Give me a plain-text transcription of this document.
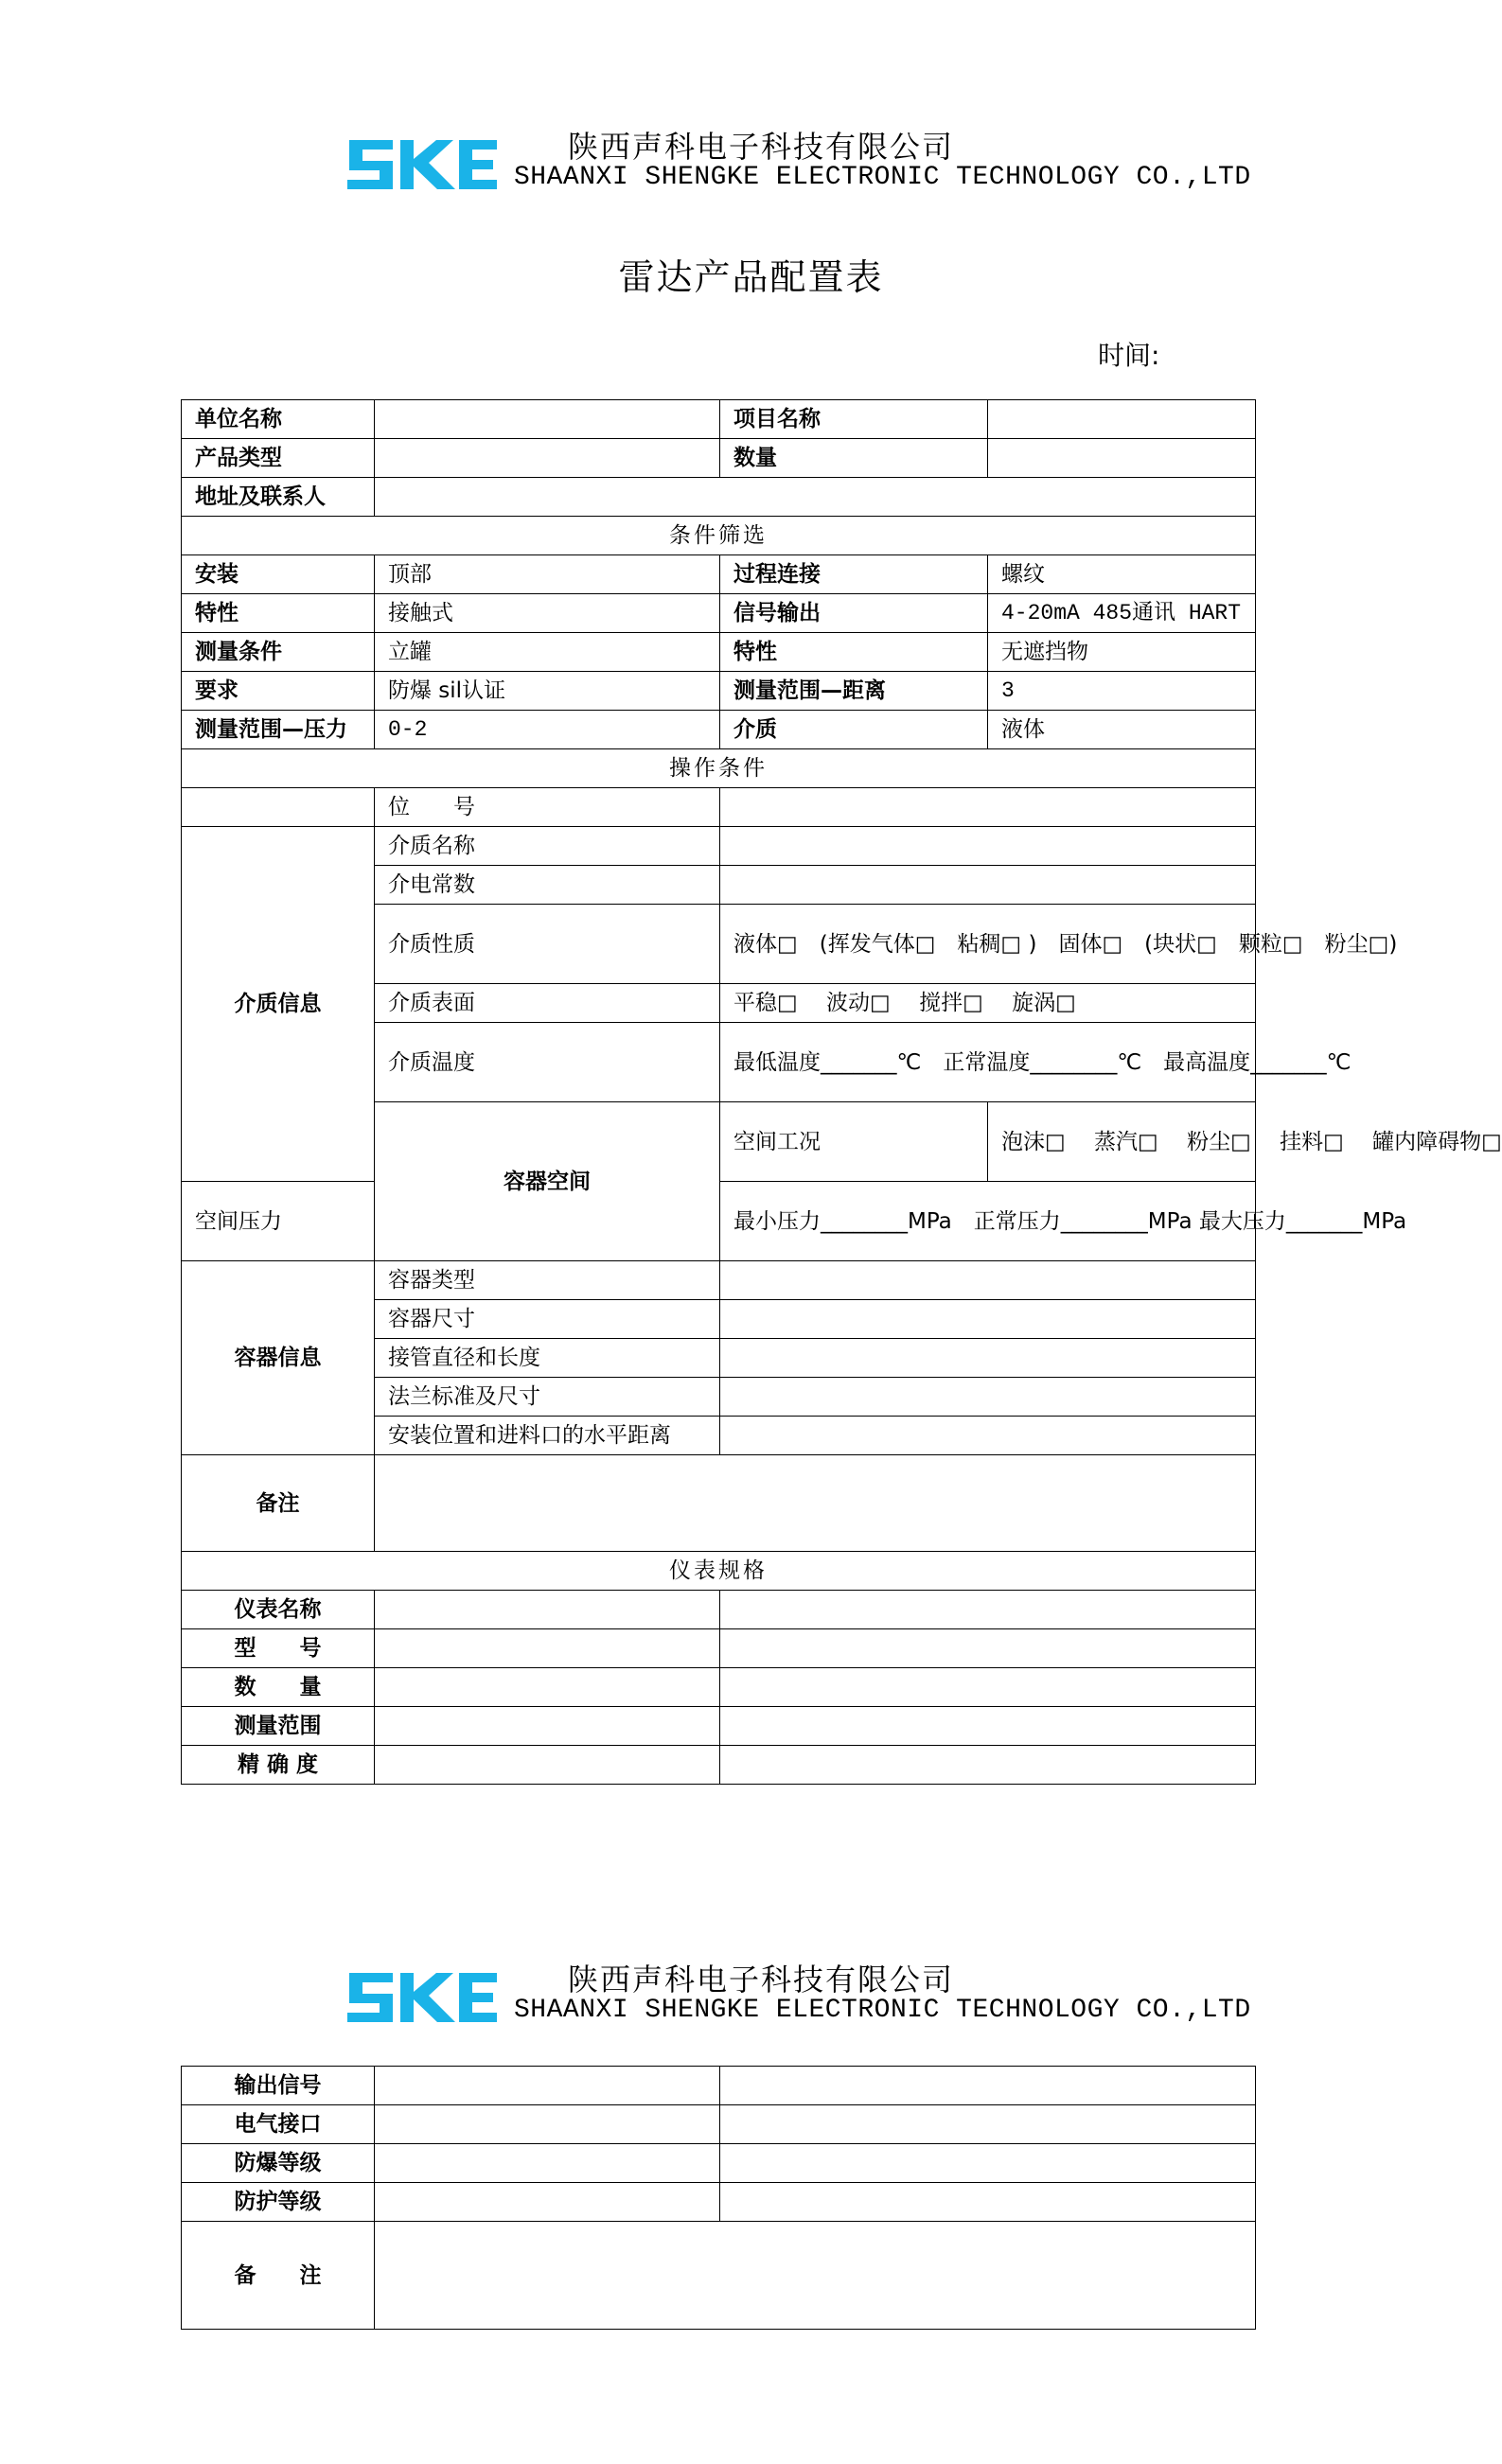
陕西声科电子科技有限公司
SHAANXI SHENGKE ELECTRONIC TECHNOLOGY CO.,LTD
雷达产品配置表
时间:
单位名称		项目名称	
产品类型		数量	
地址及联系人			
条件筛选			
安装	顶部	过程连接	螺纹
特性	接触式	信号输出	4-20mA 485通讯 HART
测量条件	立罐	特性	无遮挡物
要求	防爆 sil认证	测量范围—距离	3
测量范围—压力	0-2	介质	液体
操作条件			
	位　　号		
介质信息	介质名称		
	介电常数		
	介质性质	液体□　(挥发气体□　粘稠□ )　固体□　(块状□　颗粒□　粉尘□)	
	介质表面	平稳□　 波动□　 搅拌□　 旋涡□	
	介质温度	最低温度_______℃　正常温度________℃　最高温度_______℃	
	容器空间	空间工况	泡沫□　 蒸汽□　 粉尘□　 挂料□　 罐内障碍物□
空间压力		最小压力________MPa　正常压力________MPa 最大压力_______MPa	
容器信息	容器类型		
	容器尺寸		
	接管直径和长度		
	法兰标准及尺寸		
	安装位置和进料口的水平距离		
备注			
仪表规格			
仪表名称			
型　　号			
数　　量			
测量范围			
精 确 度			
陕西声科电子科技有限公司
SHAANXI SHENGKE ELECTRONIC TECHNOLOGY CO.,LTD
输出信号		
电气接口		
防爆等级		
防护等级		
备　　注		
